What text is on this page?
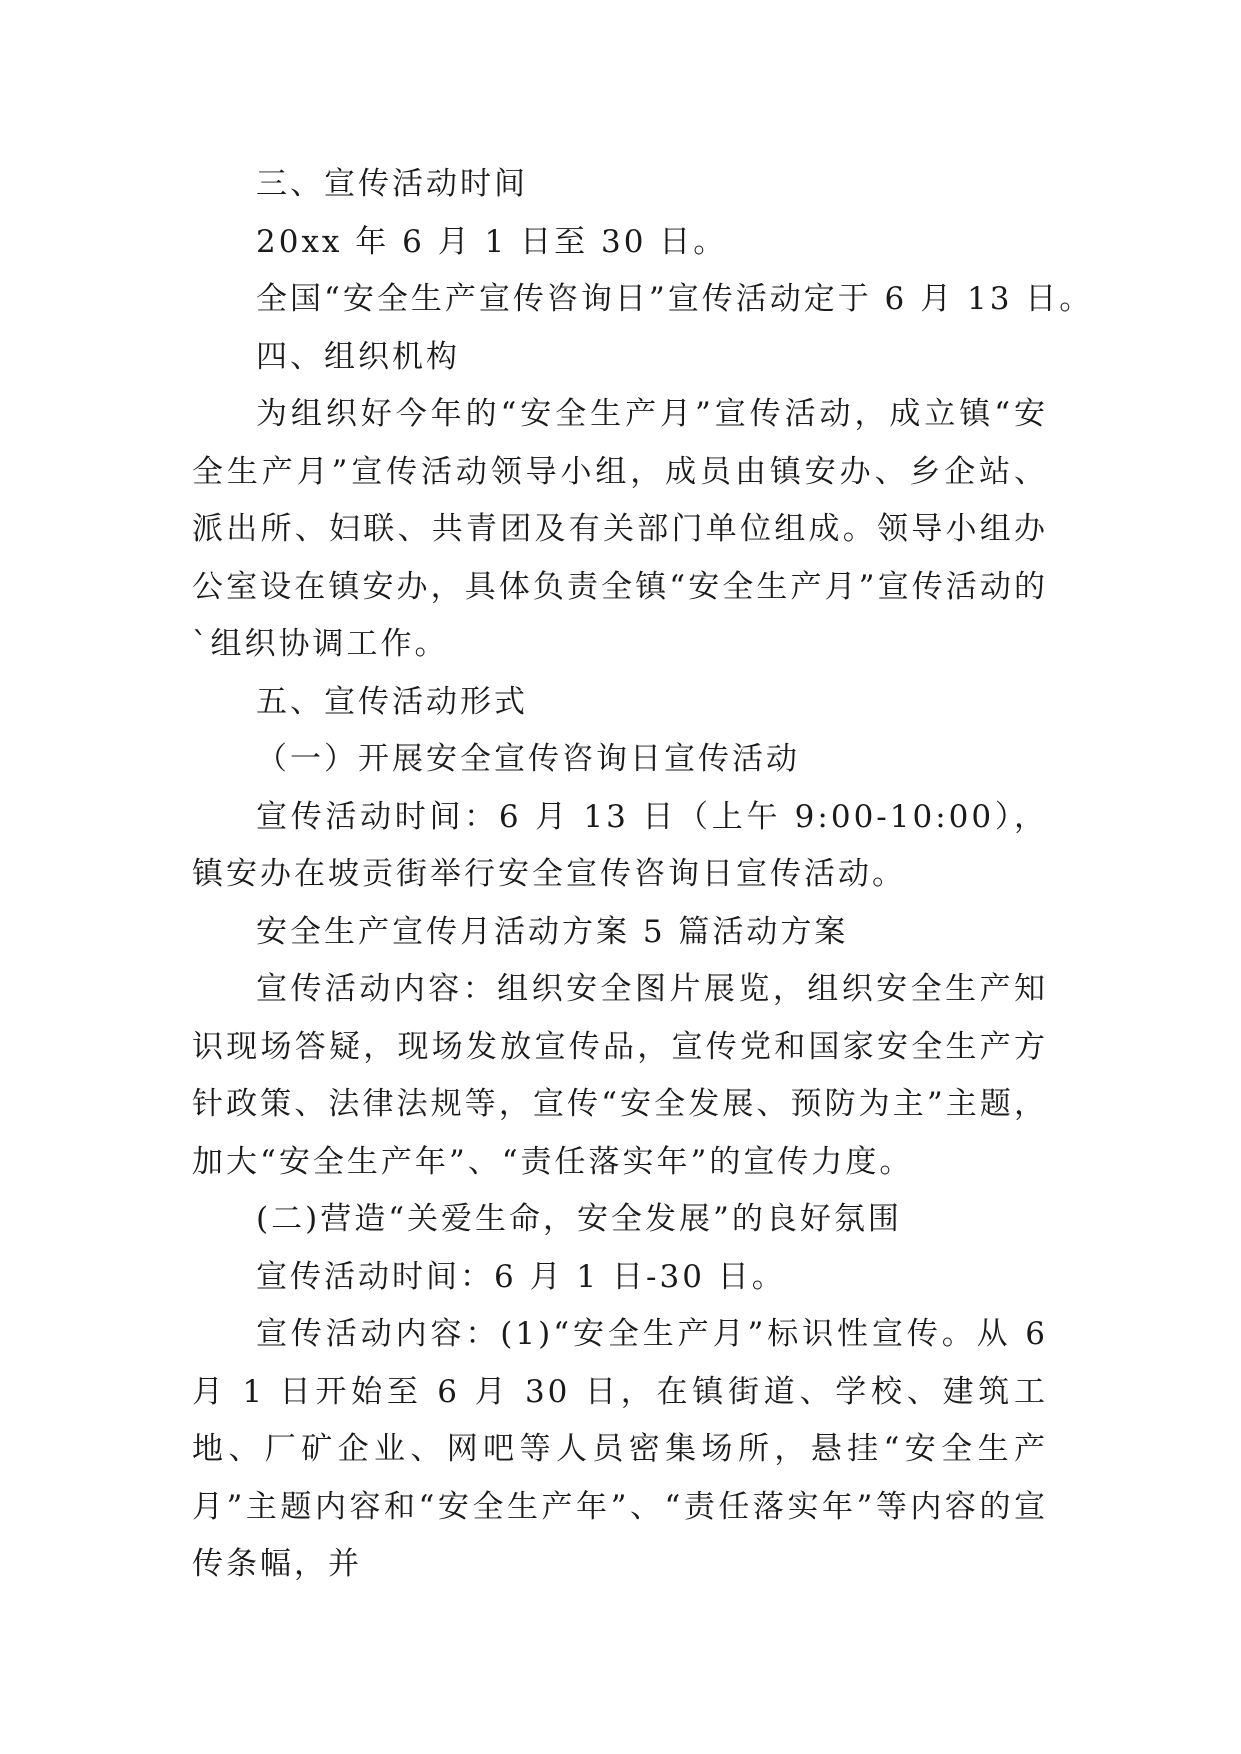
三、宣传活动时间

20xx 年 6 月 1 日至 30 日。

全国“安全生产宣传咨询日”宣传活动定于 6 月 13 日。

四、组织机构

为组织好今年的“安全生产月”宣传活动，成立镇“安全生产月”宣传活动领导小组，成员由镇安办、乡企站、派出所、妇联、共青团及有关部门单位组成。领导小组办公室设在镇安办，具体负责全镇“安全生产月”宣传活动的`组织协调工作。

五、宣传活动形式

（一）开展安全宣传咨询日宣传活动

宣传活动时间：6 月 13 日（上午 9:00-10:00），镇安办在坡贡街举行安全宣传咨询日宣传活动。

安全生产宣传月活动方案 5 篇活动方案

宣传活动内容：组织安全图片展览，组织安全生产知识现场答疑，现场发放宣传品，宣传党和国家安全生产方针政策、法律法规等，宣传“安全发展、预防为主”主题，加大“安全生产年”、“责任落实年”的宣传力度。

(二)营造“关爱生命，安全发展”的良好氛围

宣传活动时间：6 月 1 日-30 日。

宣传活动内容：(1)“安全生产月”标识性宣传。从 6 月 1 日开始至 6 月 30 日，在镇街道、学校、建筑工地、厂矿企业、网吧等人员密集场所，悬挂“安全生产月”主题内容和“安全生产年”、“责任落实年”等内容的宣传条幅，并
